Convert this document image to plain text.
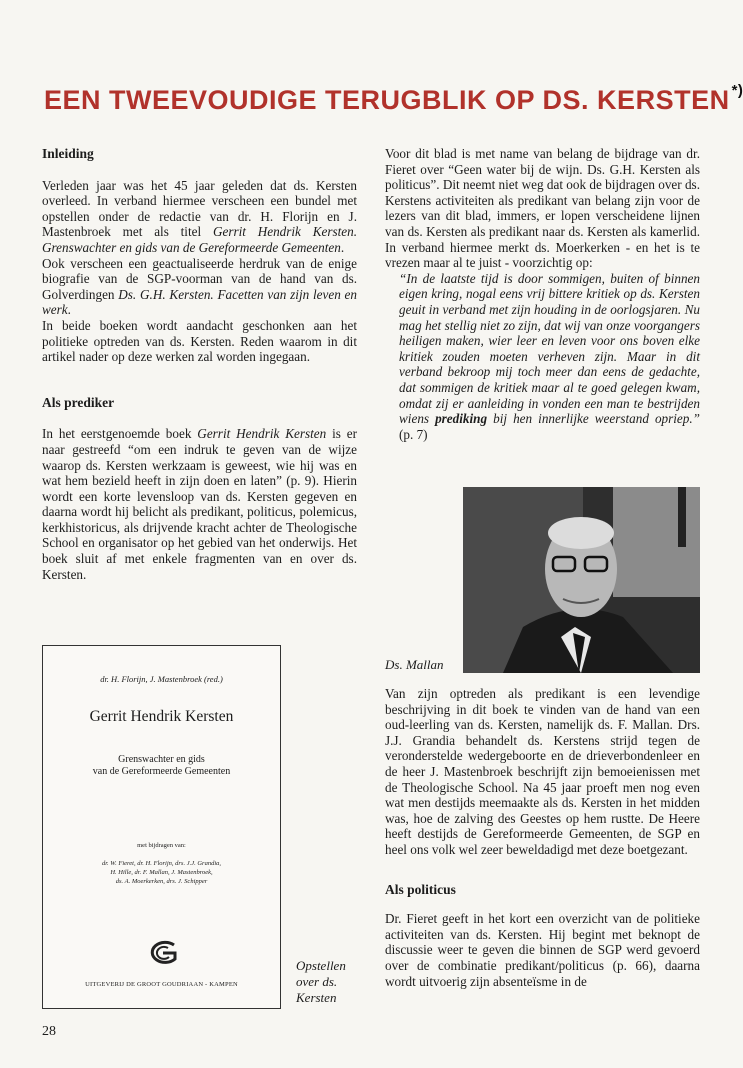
EEN TWEEVOUDIGE TERUGBLIK OP DS. KERSTEN *)
Inleiding

Verleden jaar was het 45 jaar geleden dat ds. Kersten overleed. In verband hiermee verscheen een bundel met opstellen onder de redactie van dr. H. Florijn en J. Mastenbroek met als titel Gerrit Hendrik Kersten. Grenswachter en gids van de Gereformeerde Gemeenten.

Ook verscheen een geactualiseerde herdruk van de enige biografie van de SGP-voorman van de hand van ds. Golverdingen Ds. G.H. Kersten. Facetten van zijn leven en werk.

In beide boeken wordt aandacht geschonken aan het politieke optreden van ds. Kersten. Reden waarom in dit artikel nader op deze werken zal worden ingegaan.

Als prediker

In het eerstgenoemde boek Gerrit Hendrik Kersten is er naar gestreefd “om een indruk te geven van de wijze waarop ds. Kersten werkzaam is geweest, wie hij was en wat hem bezield heeft in zijn doen en laten” (p. 9). Hierin wordt een korte levensloop van ds. Kersten gegeven en daarna wordt hij belicht als predikant, politicus, polemicus, kerkhistoricus, als drijvende kracht achter de Theologische School en organisator op het gebied van het onderwijs. Het boek sluit af met enkele fragmenten van en over ds. Kersten.

dr. H. Florijn, J. Mastenbroek (red.)
Gerrit Hendrik Kersten
Grenswachter en gids
van de Gereformeerde Gemeenten
met bijdragen van:
dr. W. Fieret, dr. H. Florijn, drs. J.J. Grandia,
H. Hille, dr. F. Mallan, J. Mastenbroek,
ds. A. Moerkerken, drs. J. Schipper
UITGEVERIJ DE GROOT GOUDRIAAN - KAMPEN
Opstellen over ds. Kersten

Voor dit blad is met name van belang de bijdrage van dr. Fieret over “Geen water bij de wijn. Ds. G.H. Kersten als politicus”. Dit neemt niet weg dat ook de bijdragen over ds. Kerstens activiteiten als predikant van belang zijn voor de lezers van dit blad, immers, er lopen verscheidene lijnen van ds. Kersten als predikant naar ds. Kersten als kamerlid. In verband hiermee merkt ds. Moerkerken - en het is te vrezen maar al te juist - voorzichtig op:

“In de laatste tijd is door sommigen, buiten of binnen eigen kring, nogal eens vrij bittere kritiek op ds. Kersten geuit in verband met zijn houding in de oorlogsjaren. Nu mag het stellig niet zo zijn, dat wij van onze voorgangers heiligen maken, wier leer en leven voor ons boven elke kritiek zouden moeten verheven zijn. Maar in dit verband bekroop mij toch meer dan eens de gedachte, dat sommigen de kritiek maar al te goed gelegen kwam, omdat zij er aanleiding in vonden een man te bestrijden wiens prediking bij hen innerlijke weerstand opriep.” (p. 7)

Ds. Mallan

Van zijn optreden als predikant is een levendige beschrijving in dit boek te vinden van de hand van een oud-leerling van ds. Kersten, namelijk ds. F. Mallan. Drs. J.J. Grandia behandelt ds. Kerstens strijd tegen de veronderstelde wedergeboorte en de drieverbondenleer en de heer J. Mastenbroek beschrijft zijn bemoeienissen met de Theologische School. Na 45 jaar proeft men nog even wat men destijds meemaakte als ds. Kersten in het midden was, hoe de zalving des Geestes op hem rustte. De Heere heeft destijds de Gereformeerde Gemeenten, de SGP en heel ons volk wel zeer beweldadigd met deze boetgezant.

Als politicus

Dr. Fieret geeft in het kort een overzicht van de politieke activiteiten van ds. Kersten. Hij begint met beknopt de discussie weer te geven die binnen de SGP werd gevoerd over de combinatie predikant/politicus (p. 66), daarna wordt uitvoerig zijn absenteïsme in de

28
